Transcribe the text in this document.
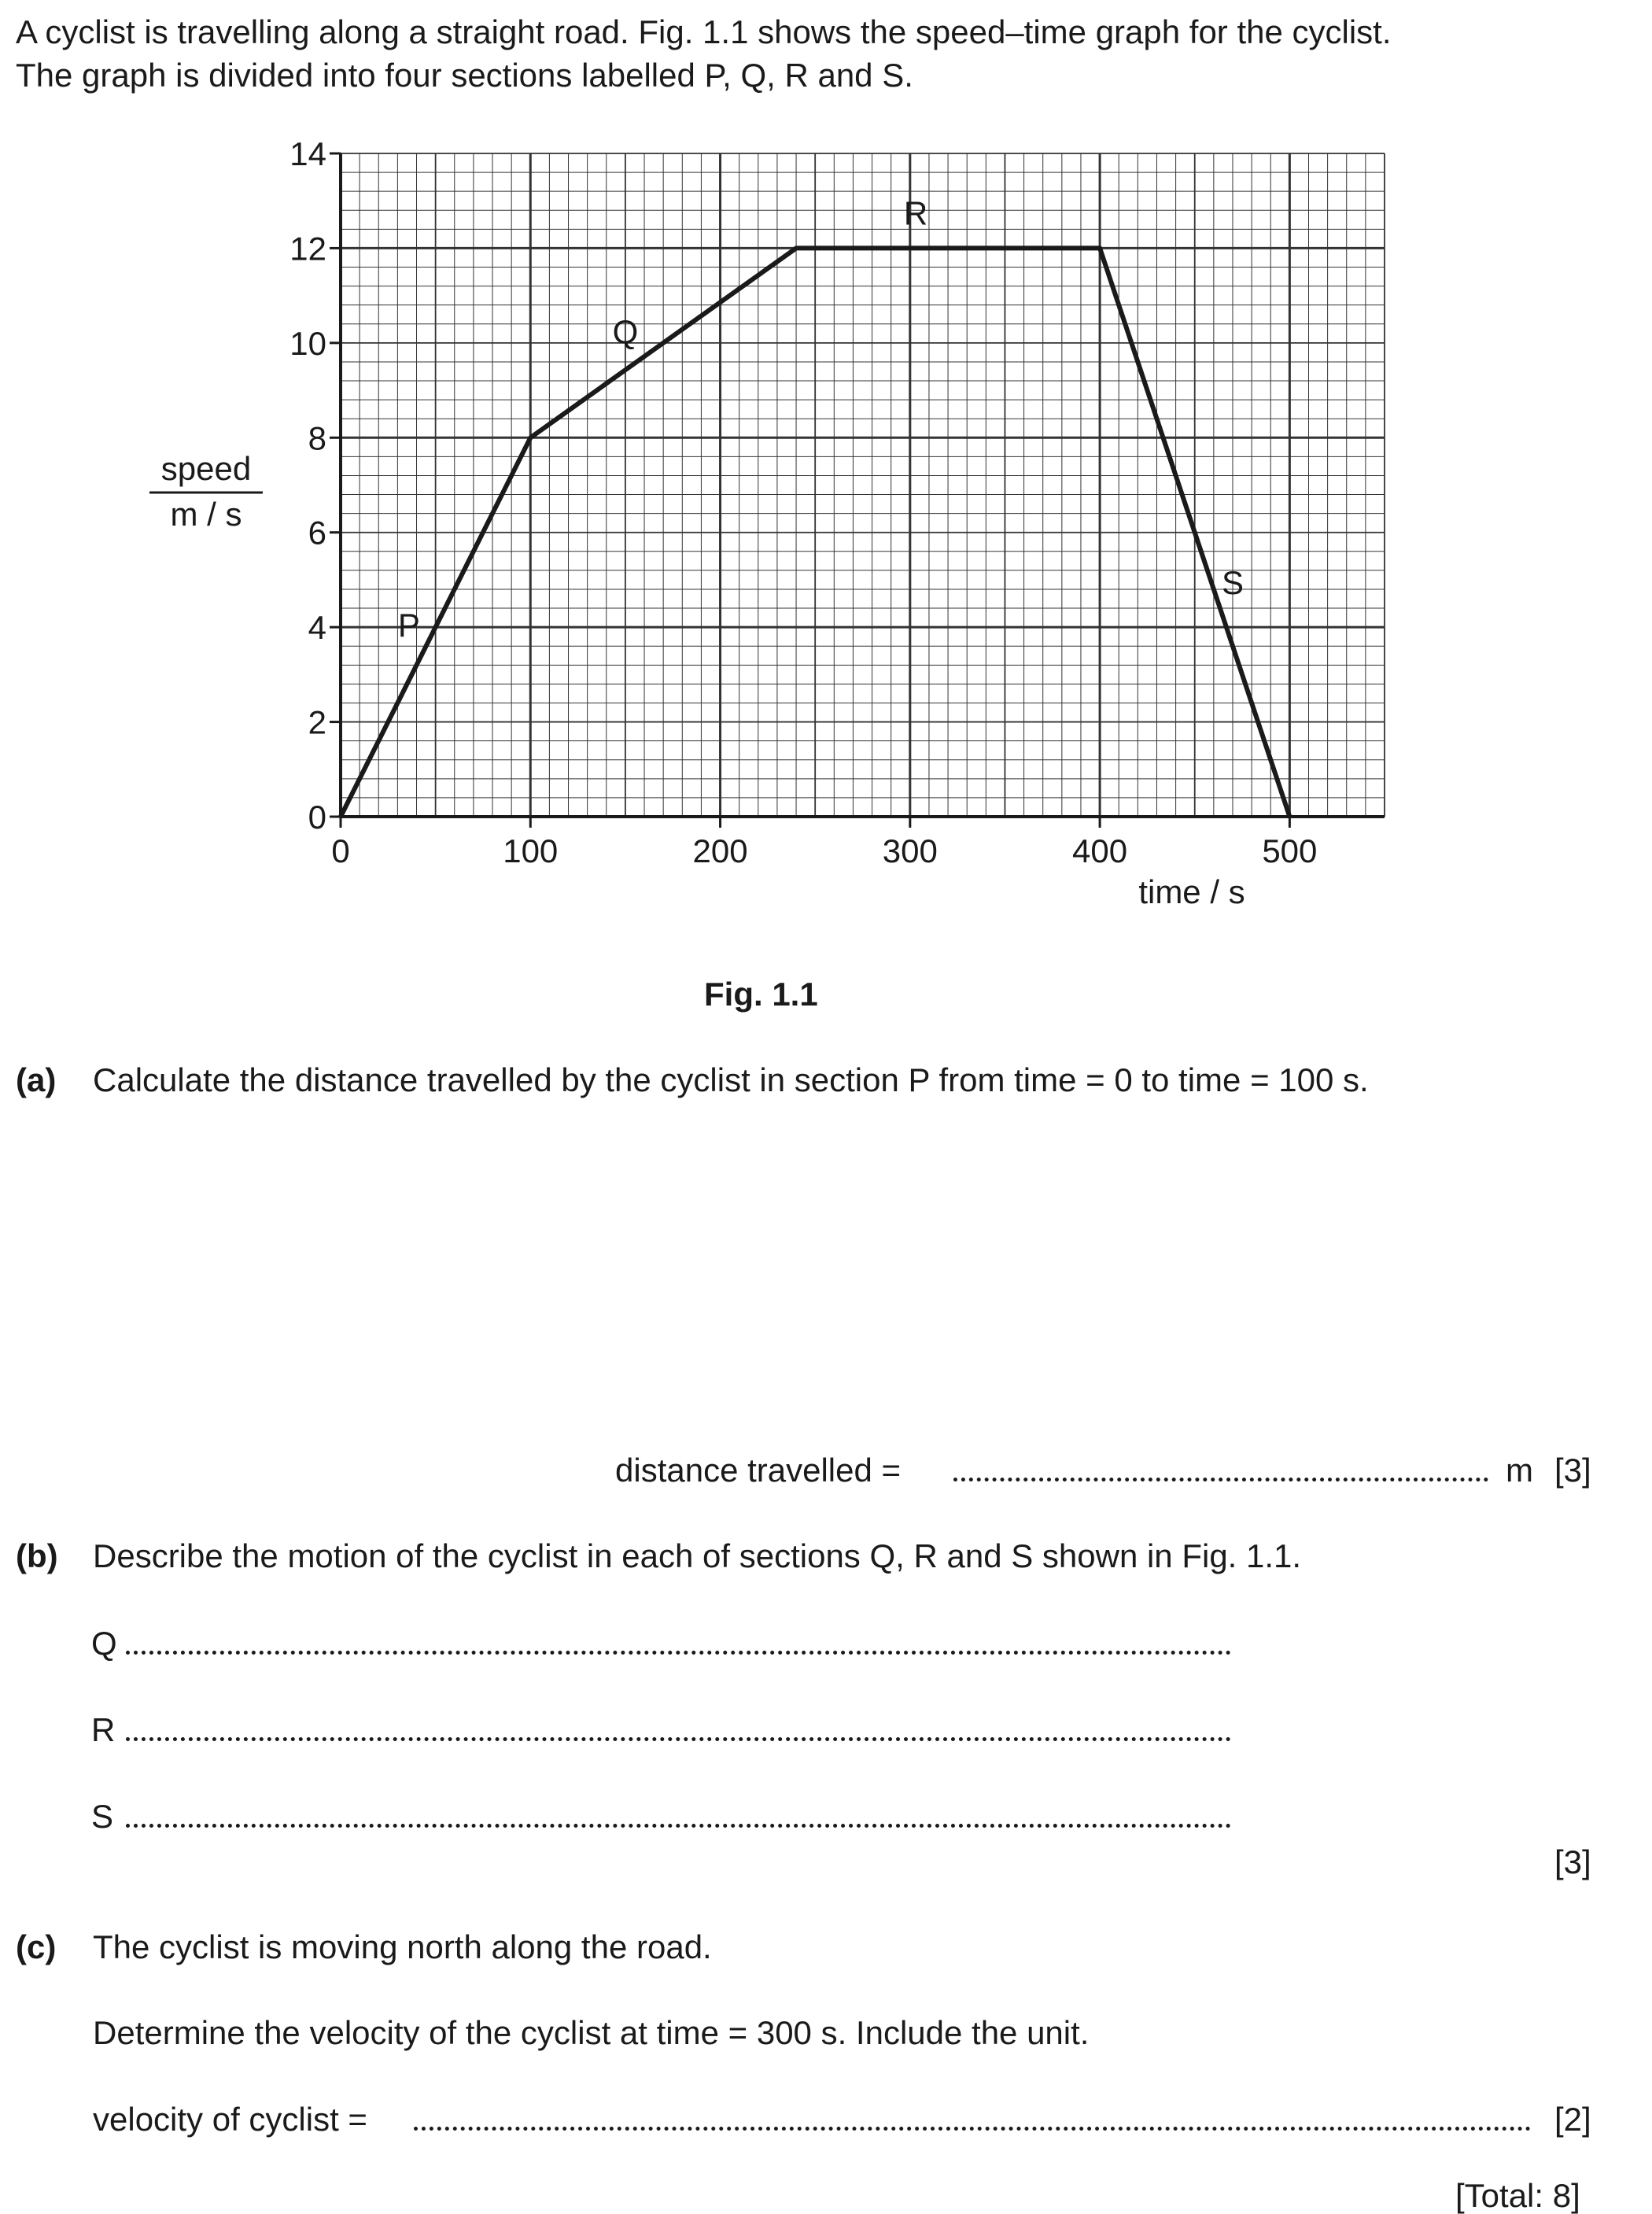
A cyclist is travelling along a straight road. Fig. 1.1 shows the speed–time graph for the cyclist.
The graph is divided into four sections labelled P, Q, R and S.
0
2
4
6
8
10
12
14
0	100	200	300	400	500
P
Q
R
S
speed
m / s
time / s
Fig. 1.1
(a) Calculate the distance travelled by the cyclist in section P from time = 0 to time = 100 s.
distance travelled =	m [3]
(b) Describe the motion of the cyclist in each of sections Q, R and S shown in Fig. 1.1.
Q
R
S
[3]
(c) The cyclist is moving north along the road.
Determine the velocity of the cyclist at time = 300 s. Include the unit.
velocity of cyclist =	[2]
[Total: 8]
